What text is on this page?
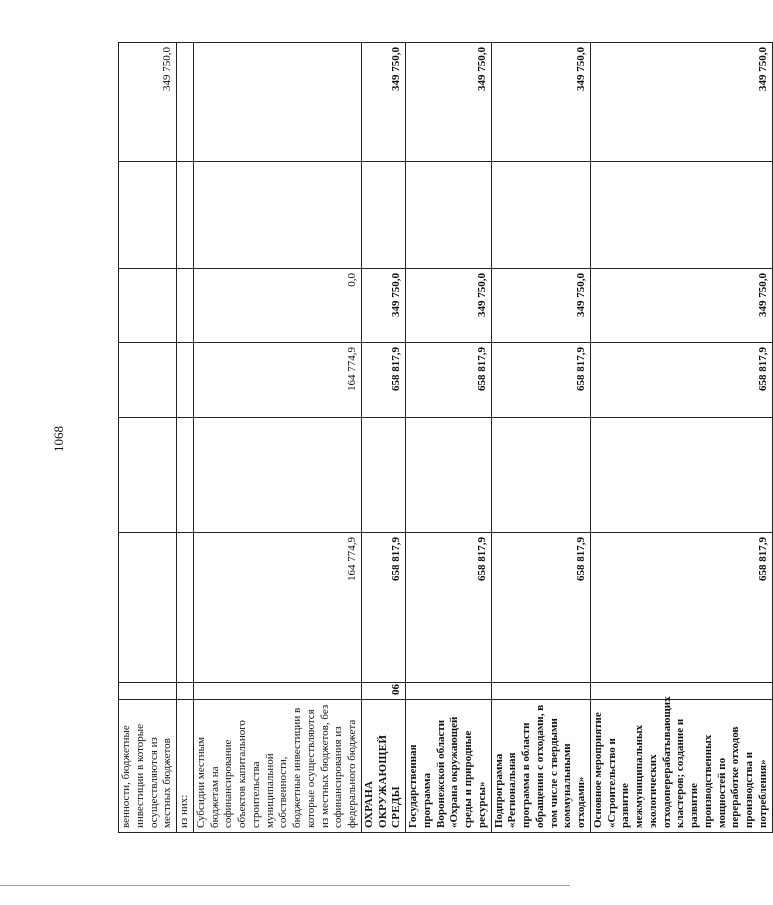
1068
венности, бюджетные инвестиции в которые осуществляются из местных бюджетов							349 750,0
из них:							
Субсидии местным бюджетам на софинансирование объектов капитального строительства муниципальной собственности, бюджетные инвестиции в которые осуществляются из местных бюджетов, без софинансирования из федерального бюджета		164 774,9		164 774,9	0,0		
ОХРАНА ОКРУЖАЮЩЕЙ СРЕДЫ	06	658 817,9		658 817,9	349 750,0		349 750,0
Государственная программа Воронежской области «Охрана окружающей среды и природные ресурсы»		658 817,9		658 817,9	349 750,0		349 750,0
Подпрограмма «Региональная программа в области обращения с отходами, в том числе с твердыми коммунальными отходами»		658 817,9		658 817,9	349 750,0		349 750,0
Основное мероприятие «Строительство и развитие межмуниципальных экологических отходоперерабатывающих кластеров; создание и развитие производственных мощностей по переработке отходов производства и потребления»		658 817,9		658 817,9	349 750,0		349 750,0
